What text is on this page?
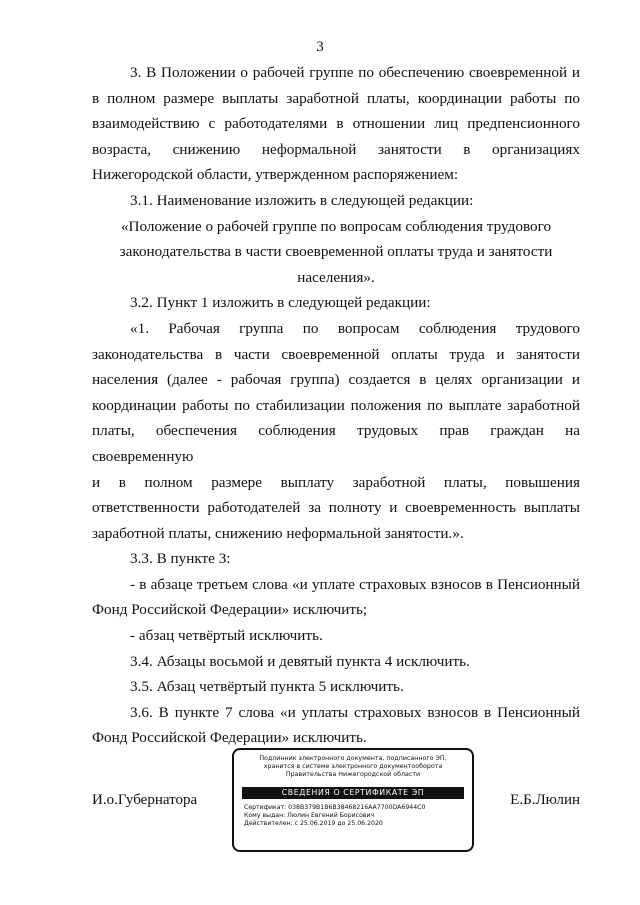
3

3. В Положении о рабочей группе по обеспечению своевременной и

в полном размере выплаты заработной платы, координации работы по

взаимодействию с работодателями в отношении лиц предпенсионного

возраста, снижению неформальной занятости в организациях

Нижегородской области, утвержденном распоряжением:

3.1. Наименование изложить в следующей редакции:

«Положение о рабочей группе по вопросам соблюдения трудового

законодательства в части своевременной оплаты труда и занятости

населения».

3.2. Пункт 1 изложить в следующей редакции:

«1. Рабочая группа по вопросам соблюдения трудового

законодательства в части своевременной оплаты труда и занятости

населения (далее - рабочая группа) создается в целях организации и

координации работы по стабилизации положения по выплате заработной

платы, обеспечения соблюдения трудовых прав граждан на своевременную

и в полном размере выплату заработной платы, повышения

ответственности работодателей за полноту и своевременность выплаты

заработной платы, снижению неформальной занятости.».

3.3. В пункте 3:

- в абзаце третьем слова «и уплате страховых взносов в Пенсионный

Фонд Российской Федерации» исключить;

- абзац четвёртый исключить.

3.4. Абзацы восьмой и девятый пункта 4 исключить.

3.5. Абзац четвёртый пункта 5 исключить.

3.6. В пункте 7 слова «и уплаты страховых взносов в Пенсионный

Фонд Российской Федерации» исключить.

И.о.Губернатора
Подлинник электронного документа, подписанного ЭП,
хранится в системе электронного документооборота
Правительства Нижегородской области
СВЕДЕНИЯ О СЕРТИФИКАТЕ ЭП
Сертификат: 038B379B1B6B38468216AA7700DA6944C0
Кому выдан: Люлин Евгений Борисович
Действителен: с 25.06.2019 до 25.06.2020
Е.Б.Люлин
